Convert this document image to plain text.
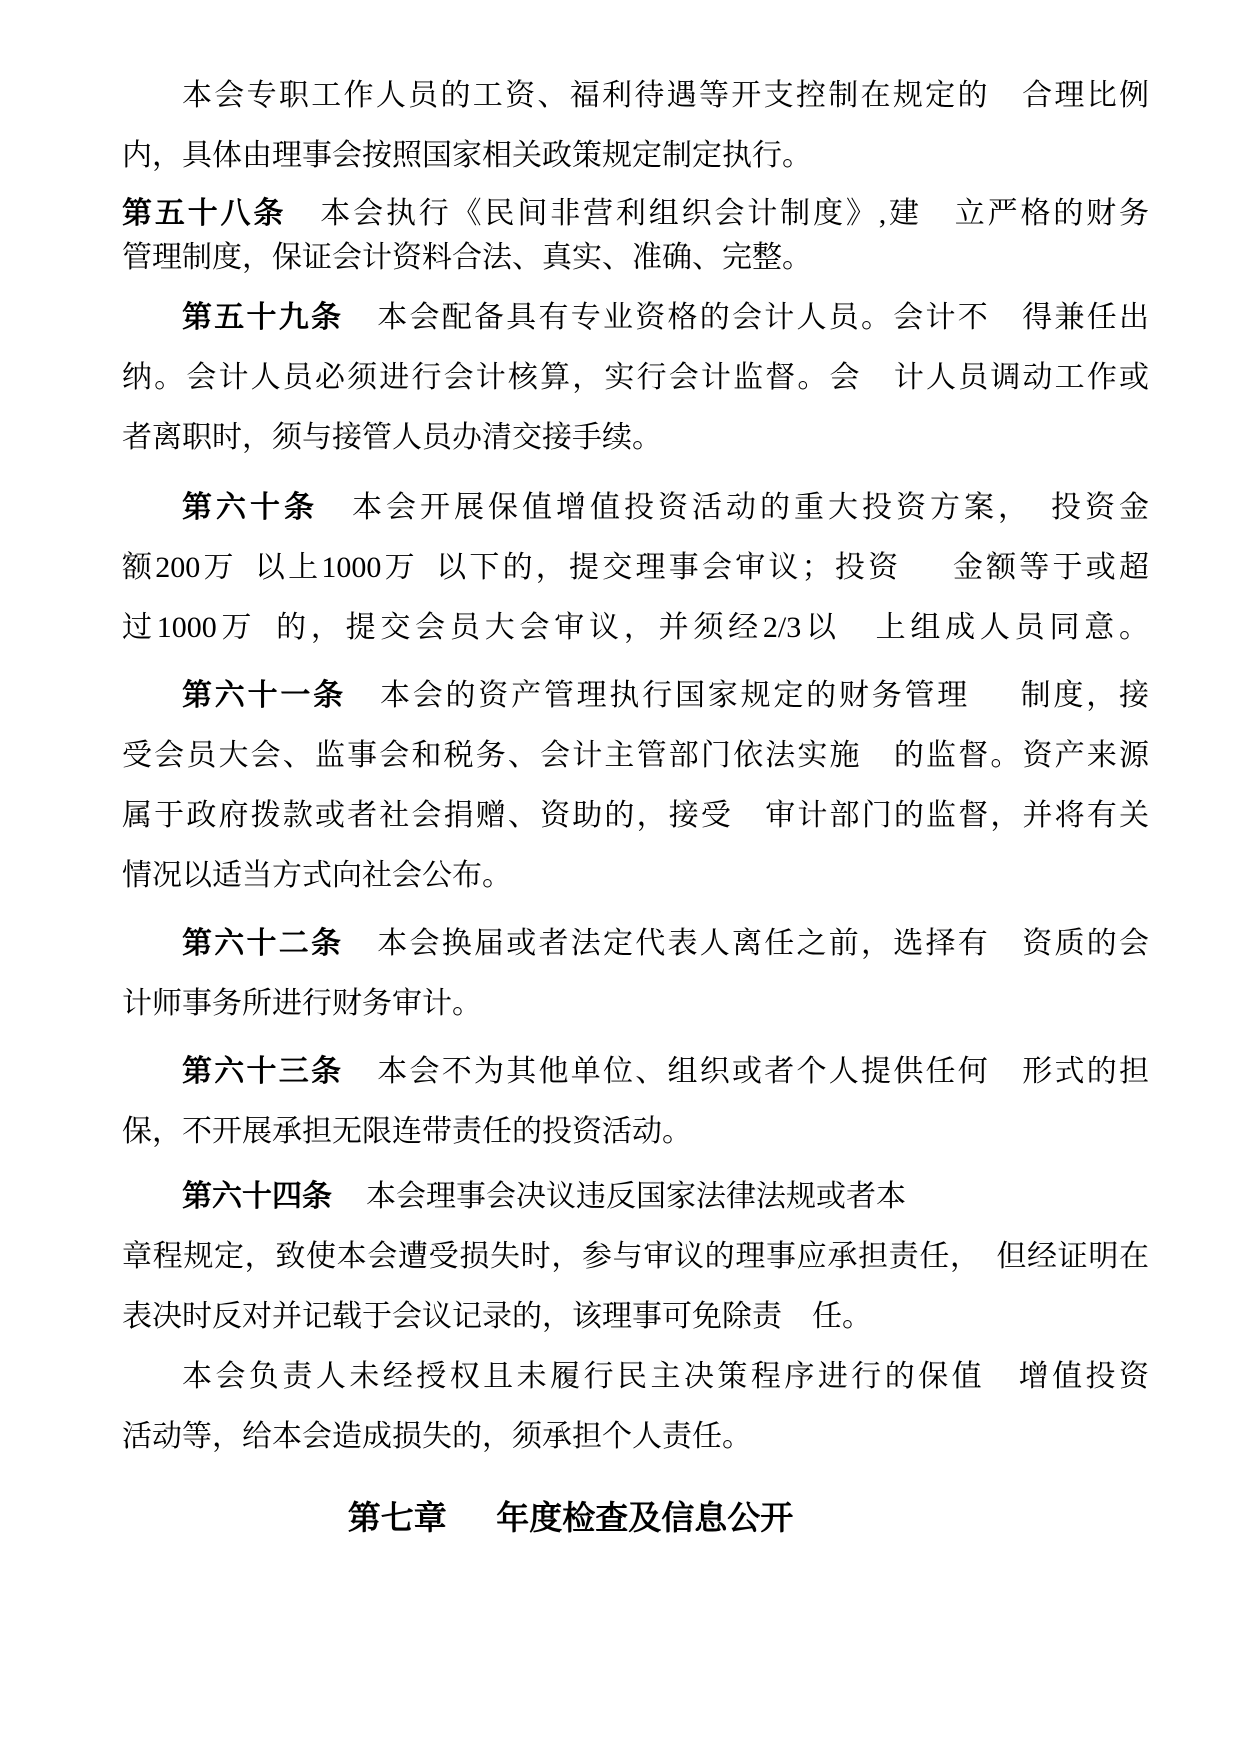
本会专职工作人员的工资、福利待遇等开支控制在规定的　合理比例
内，具体由理事会按照国家相关政策规定制定执行。
第五十八条 本会执行《民间非营利组织会计制度》,建　立严格的财务
管理制度，保证会计资料合法、真实、准确、完整。
第五十九条 本会配备具有专业资格的会计人员。会计不　得兼任出
纳。会计人员必须进行会计核算，实行会计监督。会　计人员调动工作或
者离职时，须与接管人员办清交接手续。
第六十条 本会开展保值增值投资活动的重大投资方案，　投资金
额200万 以上1000万 以下的，提交理事会审议；投资　 金额等于或超
过1000万 的，提交会员大会审议，并须经2/3以　上组成人员同意。
第六十一条 本会的资产管理执行国家规定的财务管理　 制度，接
受会员大会、监事会和税务、会计主管部门依法实施　的监督。资产来源
属于政府拨款或者社会捐赠、资助的，接受　审计部门的监督，并将有关
情况以适当方式向社会公布。
第六十二条 本会换届或者法定代表人离任之前，选择有　资质的会
计师事务所进行财务审计。
第六十三条 本会不为其他单位、组织或者个人提供任何　形式的担
保，不开展承担无限连带责任的投资活动。
第六十四条 本会理事会决议违反国家法律法规或者本
章程规定，致使本会遭受损失时，参与审议的理事应承担责任，　但经证明在
表决时反对并记载于会议记录的，该理事可免除责　任。
本会负责人未经授权且未履行民主决策程序进行的保值　增值投资
活动等，给本会造成损失的，须承担个人责任。
第七章　 年度检查及信息公开
